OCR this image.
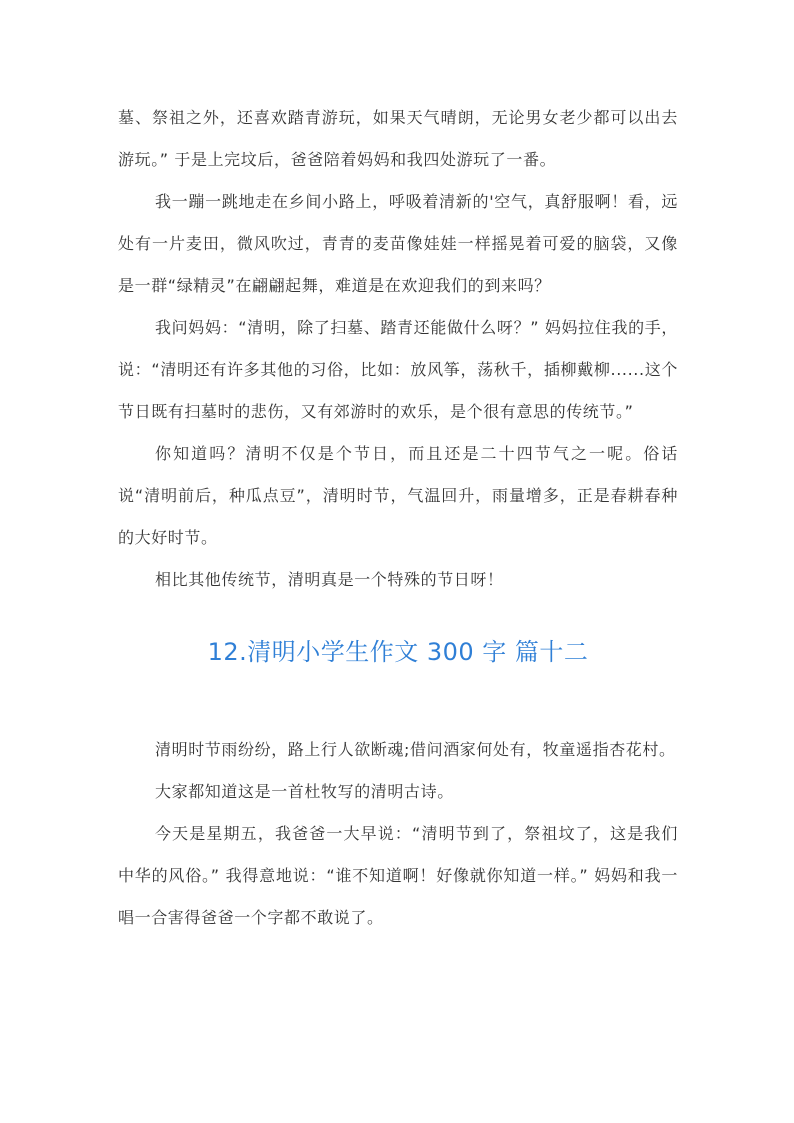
墓、祭祖之外，还喜欢踏青游玩，如果天气晴朗，无论男女老少都可以出去游玩。” 于是上完坟后，爸爸陪着妈妈和我四处游玩了一番。

我一蹦一跳地走在乡间小路上，呼吸着清新的'空气，真舒服啊！看，远处有一片麦田，微风吹过，青青的麦苗像娃娃一样摇晃着可爱的脑袋，又像是一群“绿精灵”在翩翩起舞，难道是在欢迎我们的到来吗？

我问妈妈：“清明，除了扫墓、踏青还能做什么呀？” 妈妈拉住我的手，说：“清明还有许多其他的习俗，比如：放风筝，荡秋千，插柳戴柳......这个节日既有扫墓时的悲伤，又有郊游时的欢乐，是个很有意思的传统节。”

你知道吗？清明不仅是个节日，而且还是二十四节气之一呢。俗话说“清明前后，种瓜点豆”，清明时节，气温回升，雨量增多，正是春耕春种的大好时节。

相比其他传统节，清明真是一个特殊的节日呀！

12.清明小学生作文 300 字 篇十二

清明时节雨纷纷，路上行人欲断魂;借问酒家何处有，牧童遥指杏花村。

大家都知道这是一首杜牧写的清明古诗。

今天是星期五，我爸爸一大早说：“清明节到了，祭祖坟了，这是我们中华的风俗。” 我得意地说：“谁不知道啊！好像就你知道一样。” 妈妈和我一唱一合害得爸爸一个字都不敢说了。
